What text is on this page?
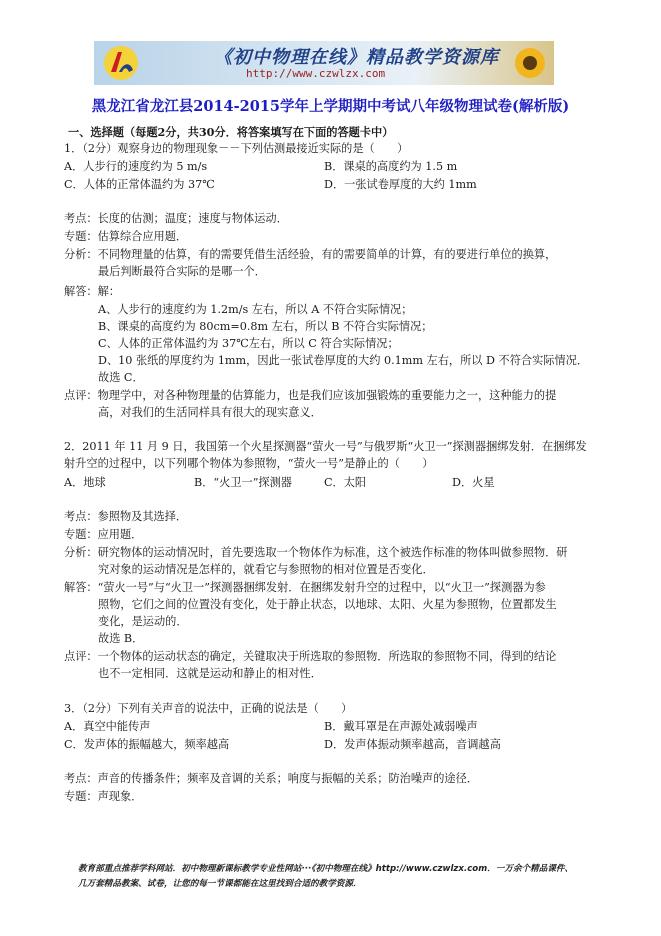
《初中物理在线》精品教学资源库
http://www.czwlzx.com
黑龙江省龙江县2014-2015学年上学期期中考试八年级物理试卷(解析版)
一、选择题（每题2分，共30分．将答案填写在下面的答题卡中）
1．（2分）观察身边的物理现象－－下列估测最接近实际的是（　　）
A．人步行的速度约为 5 m/s	B．课桌的高度约为 1.5 m
C．人体的正常体温约为 37℃	D．一张试卷厚度的大约 1mm
考点：长度的估测；温度；速度与物体运动．
专题：估算综合应用题．
分析：不同物理量的估算，有的需要凭借生活经验，有的需要简单的计算，有的要进行单位的换算，
最后判断最符合实际的是哪一个．
解答：解：
A、人步行的速度约为 1.2m/s 左右，所以 A 不符合实际情况；
B、课桌的高度约为 80cm=0.8m 左右，所以 B 不符合实际情况；
C、人体的正常体温约为 37℃左右，所以 C 符合实际情况；
D、10 张纸的厚度约为 1mm，因此一张试卷厚度的大约 0.1mm 左右，所以 D 不符合实际情况．
故选 C．
点评：物理学中，对各种物理量的估算能力，也是我们应该加强锻炼的重要能力之一，这种能力的提
高，对我们的生活同样具有很大的现实意义．
2．2011 年 11 月 9 日，我国第一个火星探测器“萤火一号”与俄罗斯“火卫一”探测器捆绑发射．在捆绑发
射升空的过程中，以下列哪个物体为参照物，“萤火一号”是静止的（　　）
A．地球	B．“火卫一”探测器	C．太阳	D．火星
考点：参照物及其选择．
专题：应用题．
分析：研究物体的运动情况时，首先要选取一个物体作为标准，这个被选作标准的物体叫做参照物．研
究对象的运动情况是怎样的，就看它与参照物的相对位置是否变化．
解答：“萤火一号”与“火卫一”探测器捆绑发射．在捆绑发射升空的过程中，以“火卫一”探测器为参
照物，它们之间的位置没有变化，处于静止状态，以地球、太阳、火星为参照物，位置都发生
变化，是运动的．
故选 B．
点评：一个物体的运动状态的确定，关键取决于所选取的参照物．所选取的参照物不同，得到的结论
也不一定相同．这就是运动和静止的相对性．
3．（2分）下列有关声音的说法中，正确的说法是（　　）
A．真空中能传声	B．戴耳罩是在声源处减弱噪声
C．发声体的振幅越大，频率越高	D．发声体振动频率越高，音调越高
考点：声音的传播条件；频率及音调的关系；响度与振幅的关系；防治噪声的途径．
专题：声现象．
教育部重点推荐学科网站．初中物理新课标教学专业性网站···《初中物理在线》http://www.czwlzx.com．一万余个精品课件、
几万套精品教案、试卷，让您的每一节课都能在这里找到合适的教学资源．
